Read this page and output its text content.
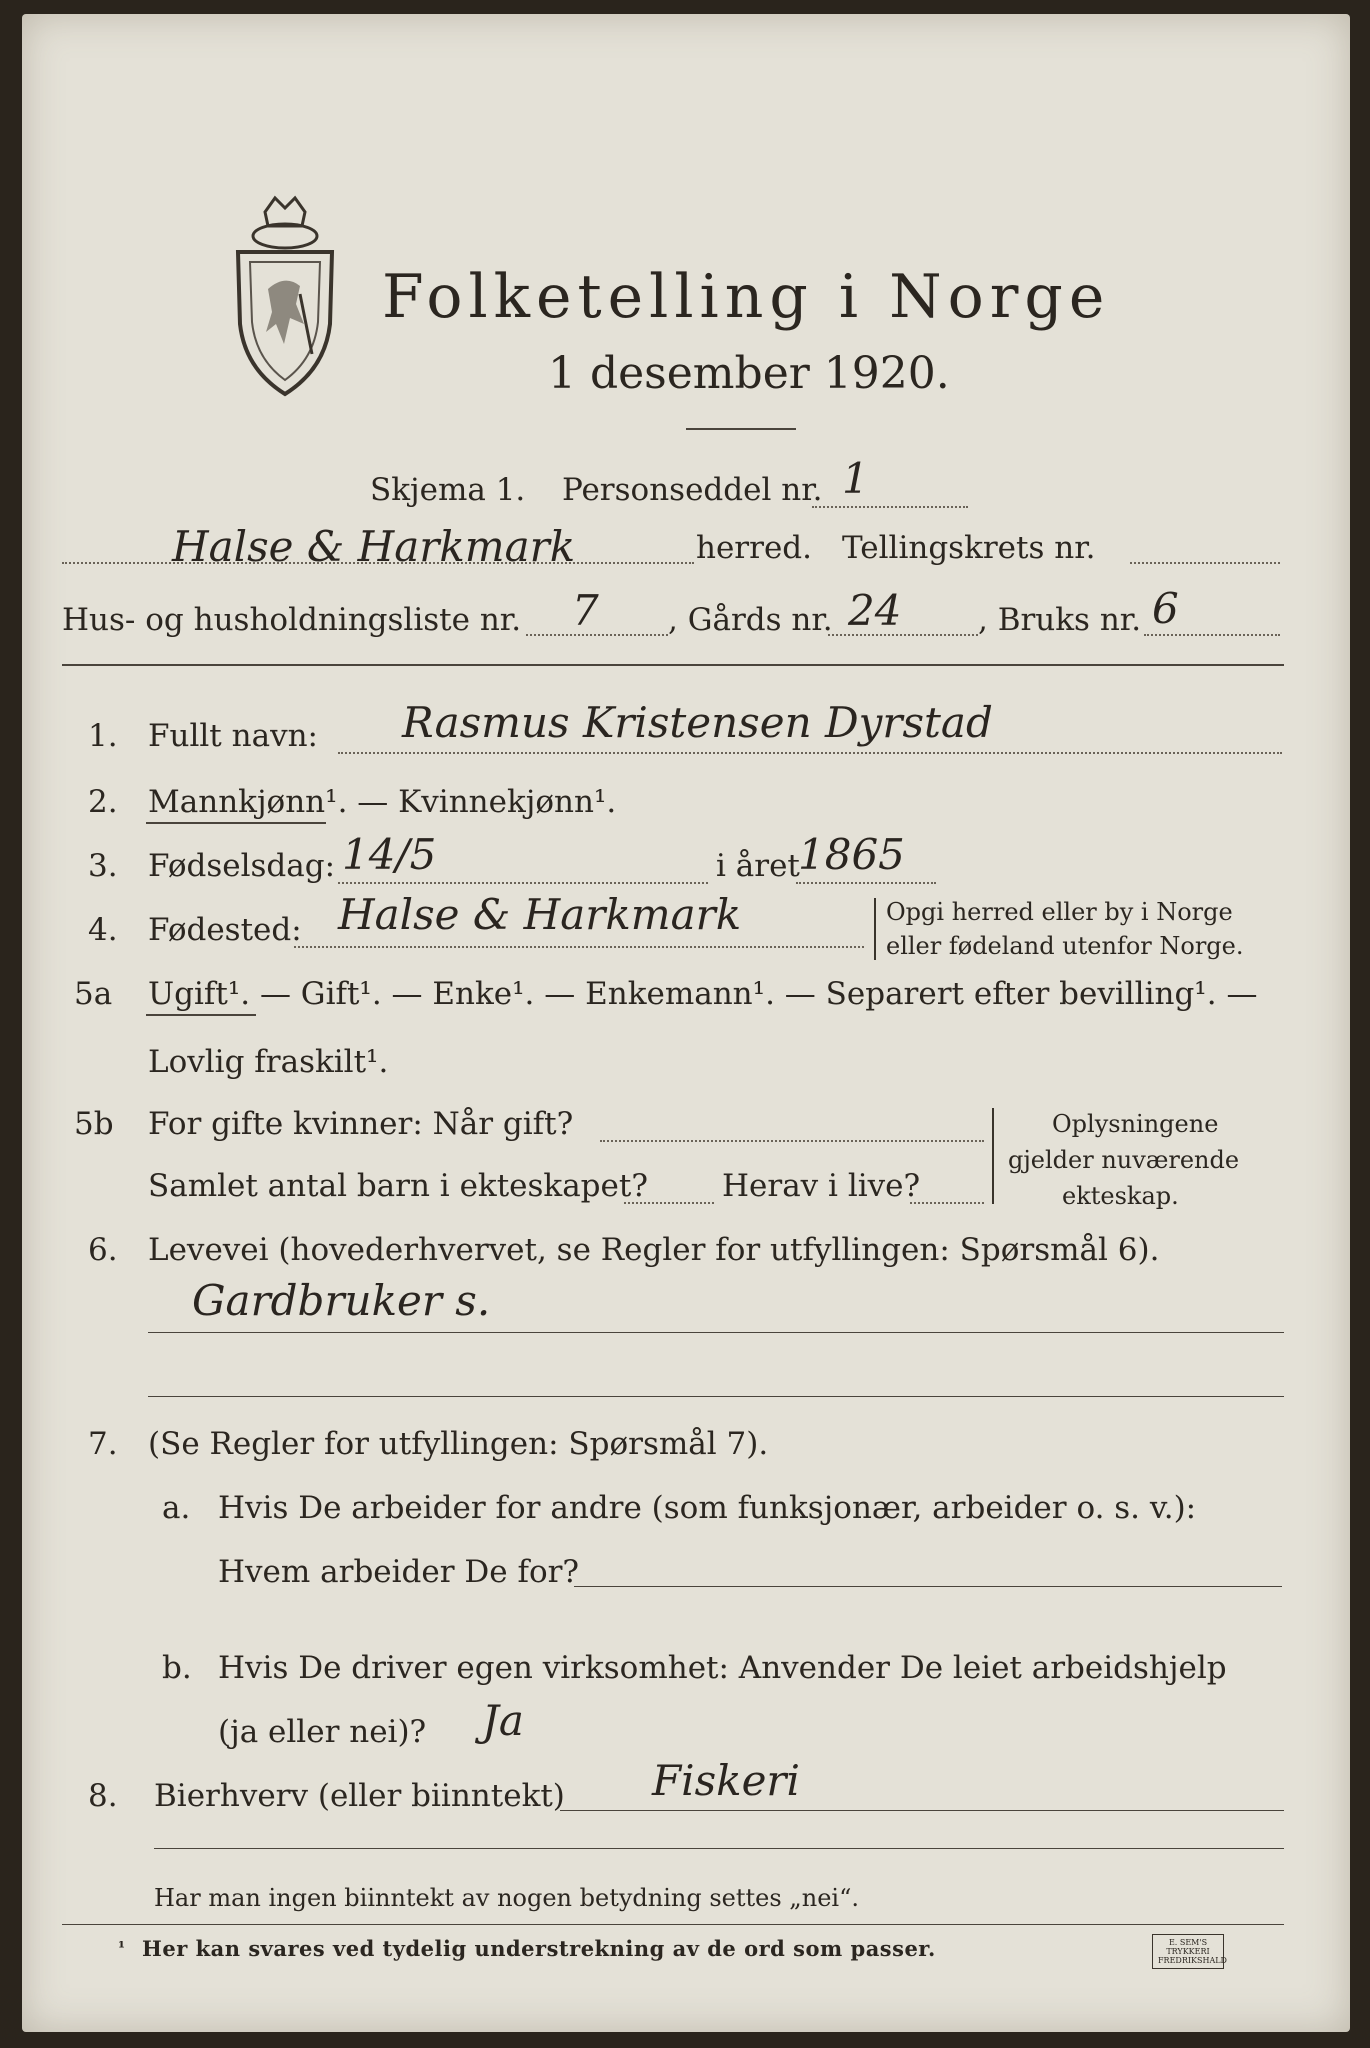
Folketelling i Norge
1 desember 1920.
Skjema 1. Personseddel nr. 1
Halse & Harkmark	herred. Tellingskrets nr.
Hus- og husholdningsliste nr. 7 , Gårds nr. 24 , Bruks nr. 6
1. Fullt navn: Rasmus Kristensen Dyrstad
2. Mannkjønn¹. — Kvinnekjønn¹.
3. Fødselsdag: 14/5	i året
1865
4. Fødested: Halse & Harkmark	Opgi herred eller by i Norge
eller fødeland utenfor Norge.
5a Ugift¹. — Gift¹. — Enke¹. — Enkemann¹. — Separert efter bevilling¹. —
Lovlig fraskilt¹.
5b For gifte kvinner: Når gift?
Samlet antal barn i ekteskapet? Herav i live?
Oplysningene
gjelder nuværende
ekteskap.
6. Levevei (hovederhvervet, se Regler for utfyllingen: Spørsmål 6).
Gardbruker s.
7. (Se Regler for utfyllingen: Spørsmål 7).
a. Hvis De arbeider for andre (som funksjonær, arbeider o. s. v.):
Hvem arbeider De for?
b. Hvis De driver egen virksomhet: Anvender De leiet arbeidshjelp
(ja eller nei)? Ja
8. Bierhverv (eller biinntekt) Fiskeri
Har man ingen biinntekt av nogen betydning settes „nei“.
¹ Her kan svares ved tydelig understrekning av de ord som passer.	E. SEM'S TRYKKERI FREDRIKSHALD
